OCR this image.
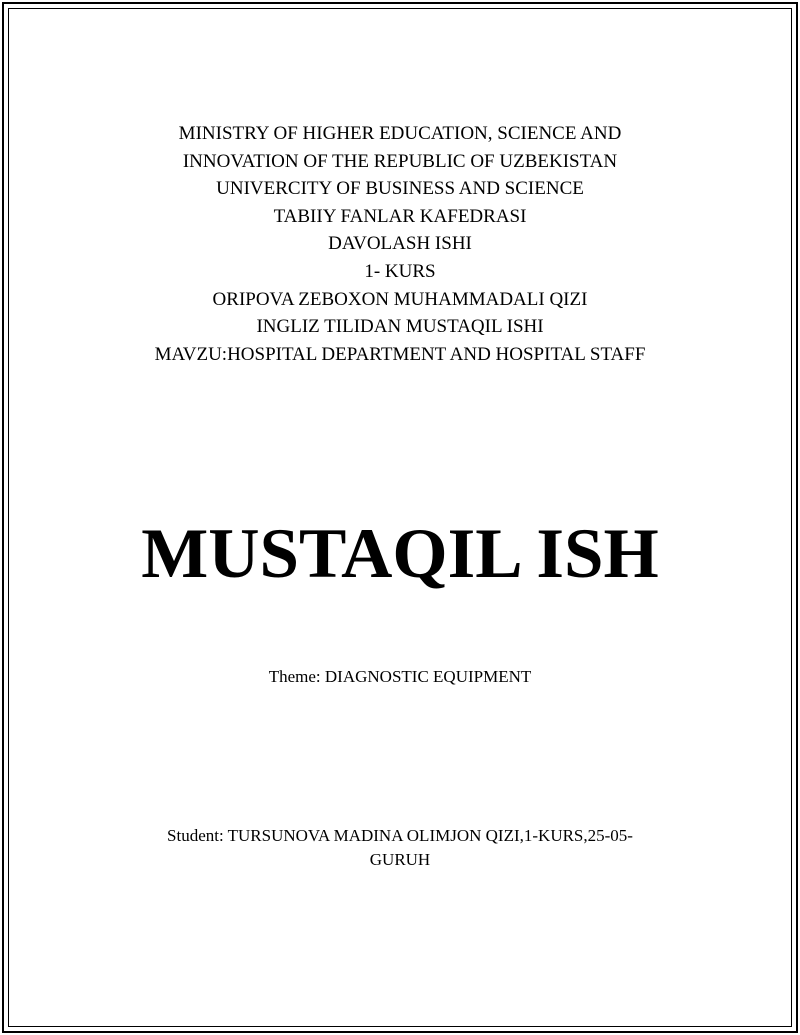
MINISTRY OF HIGHER EDUCATION, SCIENCE AND
INNOVATION OF THE REPUBLIC OF UZBEKISTAN
UNIVERCITY OF BUSINESS AND SCIENCE
TABIIY FANLAR KAFEDRASI
DAVOLASH ISHI
1- KURS
ORIPOVA ZEBOXON MUHAMMADALI QIZI
INGLIZ TILIDAN MUSTAQIL ISHI
MAVZU:HOSPITAL DEPARTMENT AND HOSPITAL STAFF
MUSTAQIL ISH
Theme: DIAGNOSTIC EQUIPMENT
Student: TURSUNOVA MADINA OLIMJON QIZI,1-KURS,25-05-
GURUH
